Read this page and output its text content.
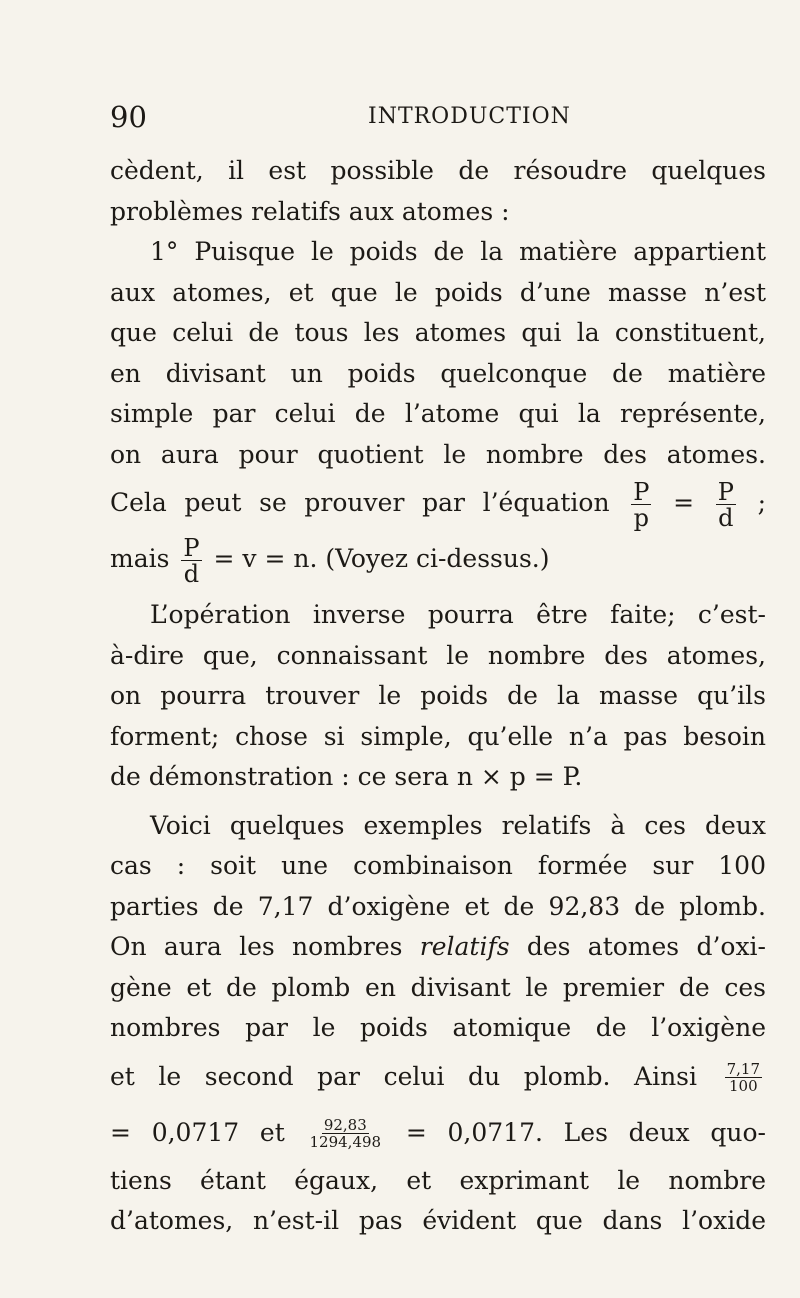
90	INTRODUCTION
cèdent, il est possible de résoudre quelques
problèmes relatifs aux atomes :
1° Puisque le poids de la matière appartient
aux atomes, et que le poids d’une masse n’est
que celui de tous les atomes qui la constituent,
en divisant un poids quelconque de matière
simple par celui de l’atome qui la représente,
on aura pour quotient le nombre des atomes.
Cela peut se prouver par l’équation $\frac{P}{p} = \frac{P}{d}$ ;
mais $\frac{P}{d} = v = n$. (Voyez ci-dessus.)
L’opération inverse pourra être faite; c’est-
à-dire que, connaissant le nombre des atomes,
on pourra trouver le poids de la masse qu’ils
forment; chose si simple, qu’elle n’a pas besoin
de démonstration : ce sera n × p = P.
Voici quelques exemples relatifs à ces deux
cas : soit une combinaison formée sur 100
parties de 7,17 d’oxigène et de 92,83 de plomb.
On aura les nombres relatifs des atomes d’oxi-
gène et de plomb en divisant le premier de ces
nombres par le poids atomique de l’oxigène
et le second par celui du plomb. Ainsi $\frac{7,17}{100}$
= 0,0717 et $\frac{92,83}{1294,498} = 0,0717$. Les deux quo-
tiens étant égaux, et exprimant le nombre
d’atomes, n’est-il pas évident que dans l’oxide
